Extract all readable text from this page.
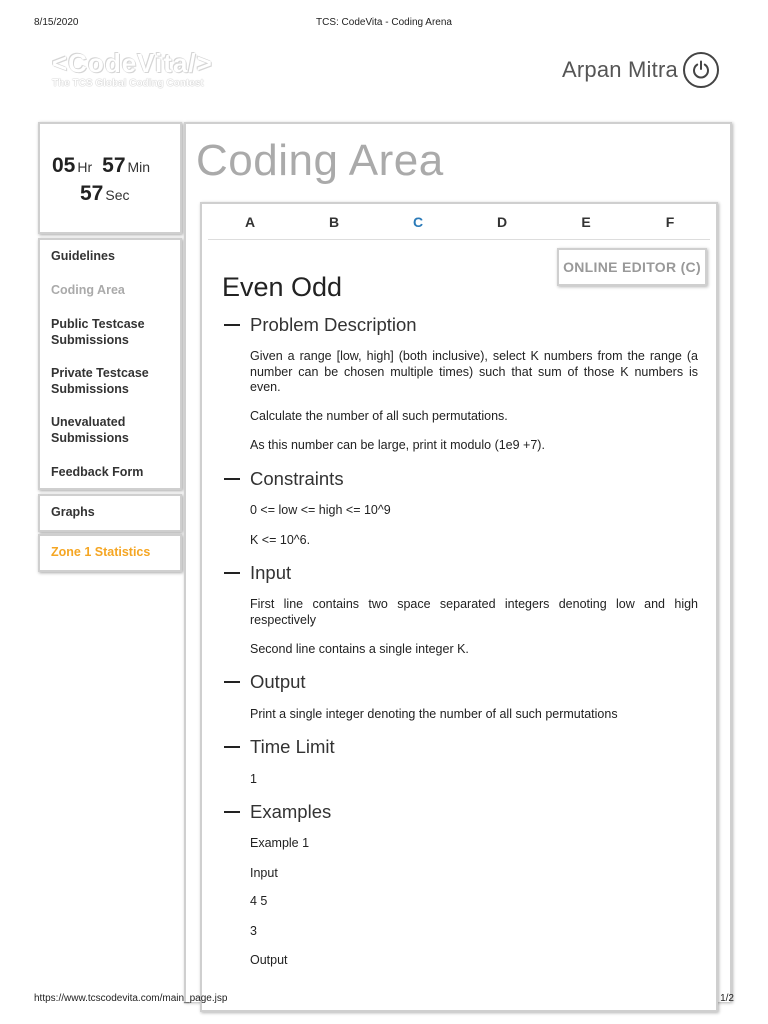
8/15/2020	TCS: CodeVita - Coding Arena
<CodeVita/>
The TCS Global Coding Contest
Arpan Mitra
05 Hr 57 Min
57 Sec
Guidelines
Coding Area
Public Testcase Submissions
Private Testcase Submissions
Unevaluated Submissions
Feedback Form
Graphs
Zone 1 Statistics
Coding Area
A	B	C	D	E	F
ONLINE EDITOR (C)
Even Odd
Problem Description
Given a range [low, high] (both inclusive), select K numbers from the range (a number can be chosen multiple times) such that sum of those K numbers is even.
Calculate the number of all such permutations.
As this number can be large, print it modulo (1e9 +7).
Constraints
0 <= low <= high <= 10^9
K <= 10^6.
Input
First line contains two space separated integers denoting low and high respectively
Second line contains a single integer K.
Output
Print a single integer denoting the number of all such permutations
Time Limit
1
Examples
Example 1
Input
4 5
3
Output
https://www.tcscodevita.com/main_page.jsp	1/2
